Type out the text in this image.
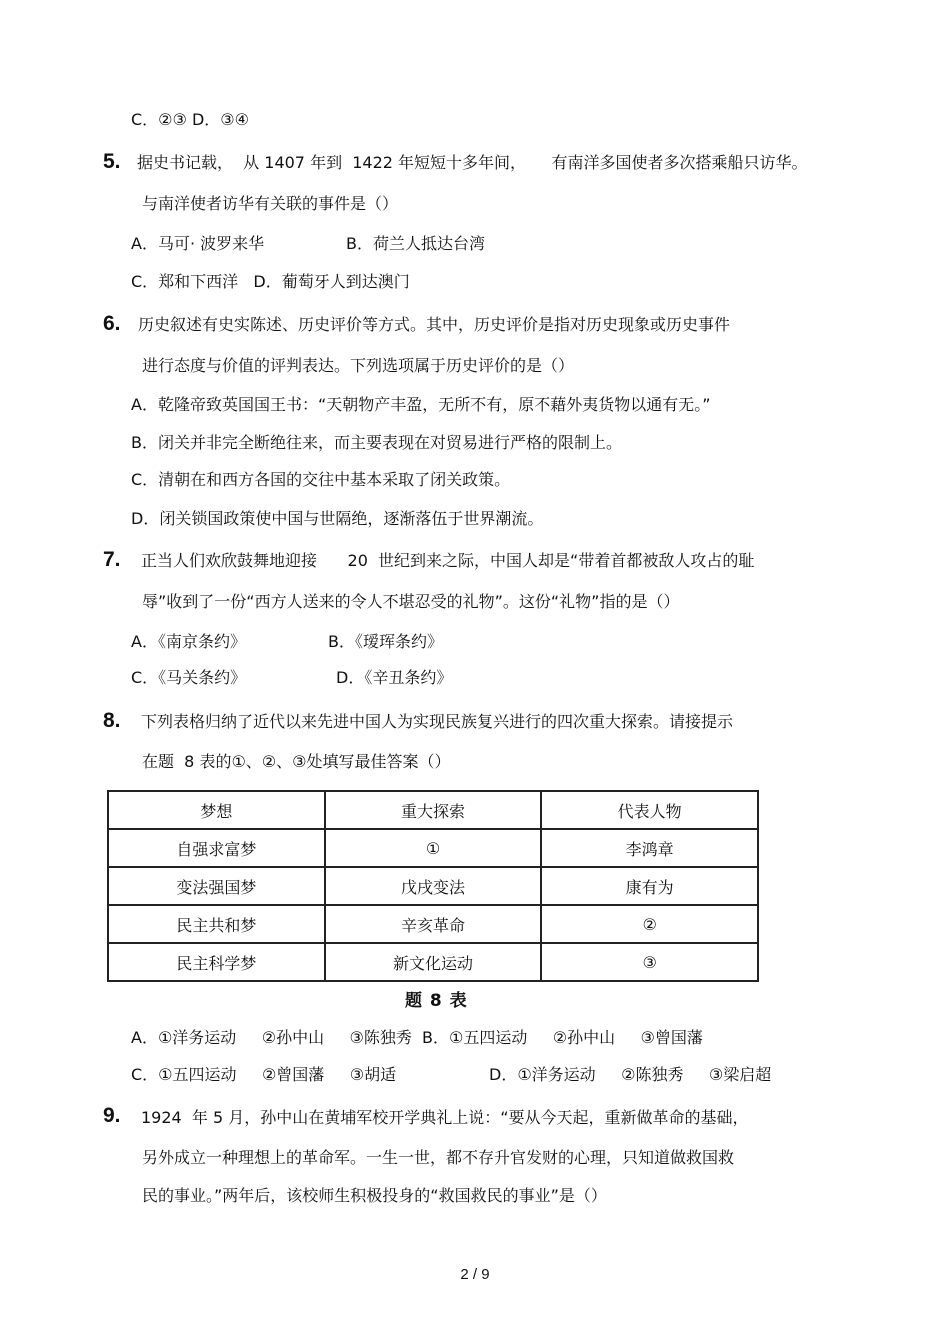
C．②③ D．③④
5. 据史书记载，  从 1407 年到  1422 年短短十多年间，     有南洋多国使者多次搭乘船只访华。
与南洋使者访华有关联的事件是（）
A．马可· 波罗来华	B．荷兰人抵达台湾
C．郑和下西洋   D．葡萄牙人到达澳门
6. 历史叙述有史实陈述、历史评价等方式。其中，历史评价是指对历史现象或历史事件
进行态度与价值的评判表达。下列选项属于历史评价的是（）
A．乾隆帝致英国国王书：“天朝物产丰盈，无所不有，原不藉外夷货物以通有无。”
B．闭关并非完全断绝往来，而主要表现在对贸易进行严格的限制上。
C．清朝在和西方各国的交往中基本采取了闭关政策。
D．闭关锁国政策使中国与世隔绝，逐渐落伍于世界潮流。
7. 正当人们欢欣鼓舞地迎接      20  世纪到来之际，中国人却是“带着首都被敌人攻占的耻
辱”收到了一份“西方人送来的令人不堪忍受的礼物”。这份“礼物”指的是（）
A．《南京条约》	B．《瑷珲条约》
C．《马关条约》	D．《辛丑条约》
8. 下列表格归纳了近代以来先进中国人为实现民族复兴进行的四次重大探索。请接提示
在题  8 表的①、②、③处填写最佳答案（）
梦想	重大探索	代表人物
自强求富梦	①	李鸿章
变法强国梦	戊戌变法	康有为
民主共和梦	辛亥革命	②
民主科学梦	新文化运动	③
题 8 表
A．①洋务运动     ②孙中山     ③陈独秀  B．①五四运动     ②孙中山     ③曾国藩
C．①五四运动     ②曾国藩     ③胡适	D．①洋务运动     ②陈独秀     ③梁启超
9. 1924  年 5 月，孙中山在黄埔军校开学典礼上说：“要从今天起，重新做革命的基础，
另外成立一种理想上的革命军。一生一世，都不存升官发财的心理，只知道做救国救
民的事业。”两年后，该校师生积极投身的“救国救民的事业”是（）
2 / 9
